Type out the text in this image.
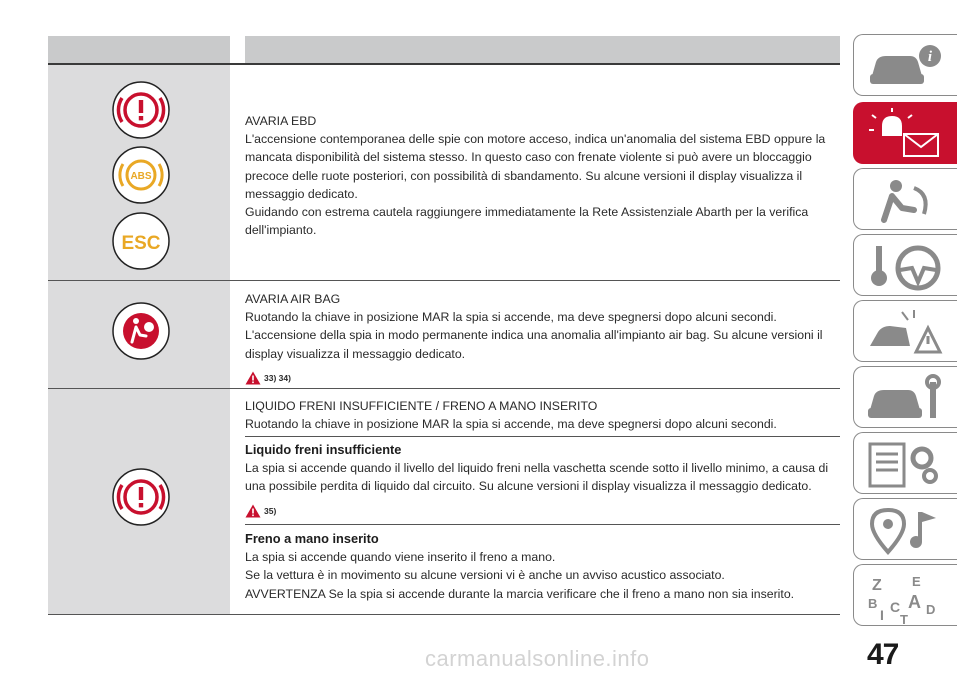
ABS
ESC

AVARIA EBD

L'accensione contemporanea delle spie con motore acceso, indica un'anomalia del sistema EBD oppure la mancata disponibilità del sistema stesso. In questo caso con frenate violente si può avere un bloccaggio precoce delle ruote posteriori, con possibilità di sbandamento. Su alcune versioni il display visualizza il messaggio dedicato.

Guidando con estrema cautela raggiungere immediatamente la Rete Assistenziale Abarth per la verifica dell'impianto.

AVARIA AIR BAG

Ruotando la chiave in posizione MAR la spia si accende, ma deve spegnersi dopo alcuni secondi.

L'accensione della spia in modo permanente indica una anomalia all'impianto air bag. Su alcune versioni il display visualizza il messaggio dedicato.

33) 34)

LIQUIDO FRENI INSUFFICIENTE / FRENO A MANO INSERITO

Ruotando la chiave in posizione MAR la spia si accende, ma deve spegnersi dopo alcuni secondi.

Liquido freni insufficiente

La spia si accende quando il livello del liquido freni nella vaschetta scende sotto il livello minimo, a causa di una possibile perdita di liquido dal circuito. Su alcune versioni il display visualizza il messaggio dedicato.

35)

Freno a mano inserito

La spia si accende quando viene inserito il freno a mano.

Se la vettura è in movimento su alcune versioni vi è anche un avviso acustico associato.

AVVERTENZA Se la spia si accende durante la marcia verificare che il freno a mano non sia inserito.

i
Z E
B A
C D
I T
47
carmanualsonline.info
